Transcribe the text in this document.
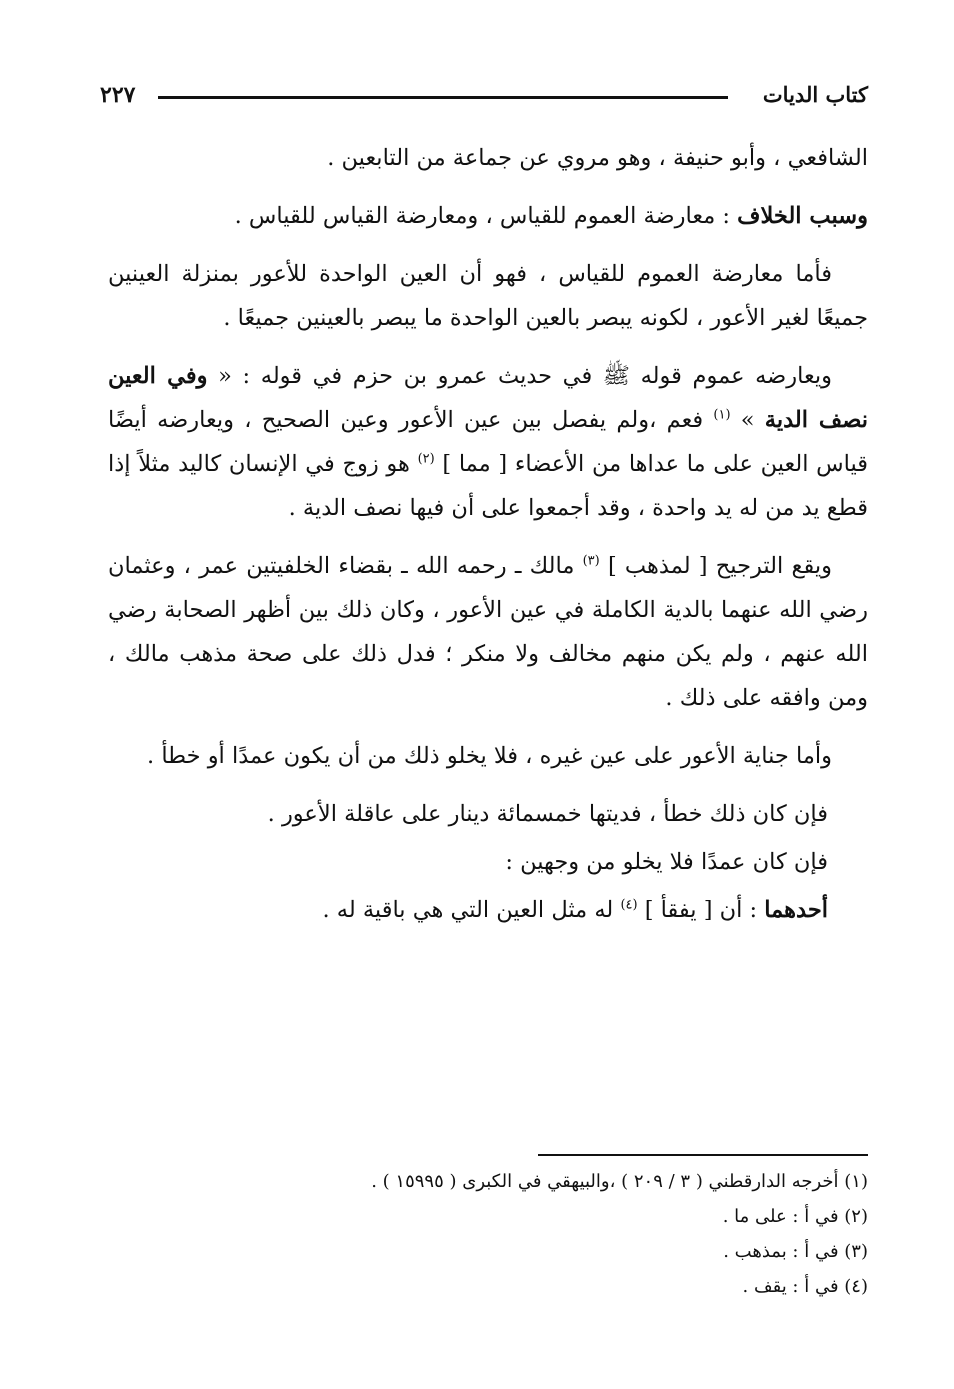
كتاب الديات
٢٢٧

الشافعي ، وأبو حنيفة ، وهو مروي عن جماعة من التابعين .

وسبب الخلاف : معارضة العموم للقياس ، ومعارضة القياس للقياس .

فأما معارضة العموم للقياس ، فهو أن العين الواحدة للأعور بمنزلة العينين جميعًا لغير الأعور ، لكونه يبصر بالعين الواحدة ما يبصر بالعينين جميعًا .

ويعارضه عموم قوله ﷺ في حديث عمرو بن حزم في قوله : « وفي العين نصف الدية » $^{(١)}$ فعم ،ولم يفصل بين عين الأعور وعين الصحيح ، ويعارضه أيضًا قياس العين على ما عداها من الأعضاء [ مما ] $^{(٢)}$ هو زوج في الإنسان كاليد مثلاً إذا قطع يد من له يد واحدة ، وقد أجمعوا على أن فيها نصف الدية .

ويقع الترجيح [ لمذهب ] $^{(٣)}$ مالك ـ رحمه الله ـ بقضاء الخلفيتين عمر ، وعثمان رضي الله عنهما بالدية الكاملة في عين الأعور ، وكان ذلك بين أظهر الصحابة رضي الله عنهم ، ولم يكن منهم مخالف ولا منكر ؛ فدل ذلك على صحة مذهب مالك ، ومن وافقه على ذلك .

وأما جناية الأعور على عين غيره ، فلا يخلو ذلك من أن يكون عمدًا أو خطأ .

فإن كان ذلك خطأ ، فديتها خمسمائة دينار على عاقلة الأعور .

فإن كان عمدًا فلا يخلو من وجهين :

أحدهما : أن [ يفقأ ] $^{(٤)}$ له مثل العين التي هي باقية له .

(١) أخرجه الدارقطني ( ٣ / ٢٠٩ ) ،والبيهقي في الكبرى ( ١٥٩٩٥ ) .

(٢) في أ : على ما .

(٣) في أ : بمذهب .

(٤) في أ : يقف .
